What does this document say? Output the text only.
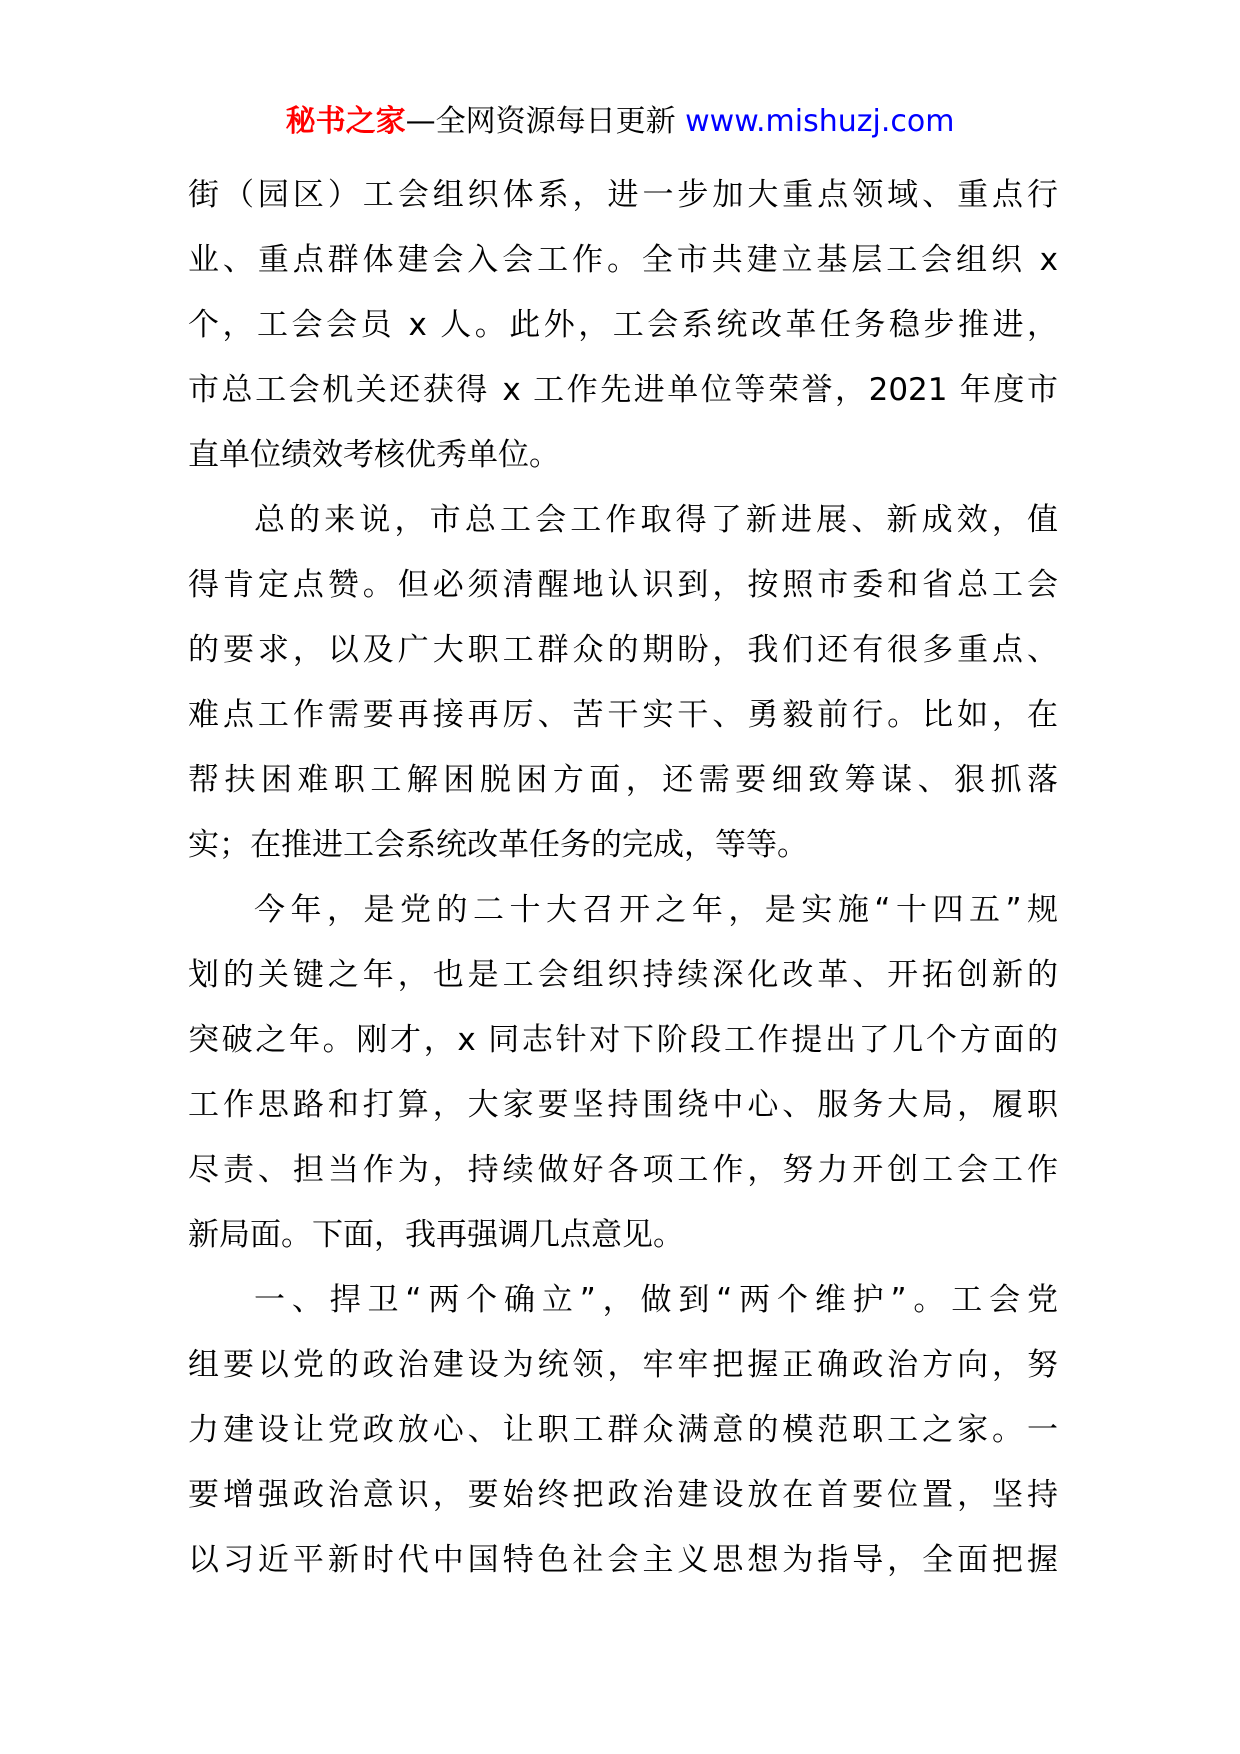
秘书之家—全网资源每日更新 www.mishuzj.com
街（园区）工会组织体系，进一步加大重点领域、重点行
业、重点群体建会入会工作。全市共建立基层工会组织 x
个，工会会员 x 人。此外，工会系统改革任务稳步推进，
市总工会机关还获得 x 工作先进单位等荣誉，2021 年度市
直单位绩效考核优秀单位。
总的来说，市总工会工作取得了新进展、新成效，值
得肯定点赞。但必须清醒地认识到，按照市委和省总工会
的要求，以及广大职工群众的期盼，我们还有很多重点、
难点工作需要再接再厉、苦干实干、勇毅前行。比如，在
帮扶困难职工解困脱困方面，还需要细致筹谋、狠抓落
实；在推进工会系统改革任务的完成，等等。
今年，是党的二十大召开之年，是实施“十四五”规
划的关键之年，也是工会组织持续深化改革、开拓创新的
突破之年。刚才，x 同志针对下阶段工作提出了几个方面的
工作思路和打算，大家要坚持围绕中心、服务大局，履职
尽责、担当作为，持续做好各项工作，努力开创工会工作
新局面。下面，我再强调几点意见。
一、捍卫“两个确立”，做到“两个维护”。工会党
组要以党的政治建设为统领，牢牢把握正确政治方向，努
力建设让党政放心、让职工群众满意的模范职工之家。一
要增强政治意识，要始终把政治建设放在首要位置，坚持
以习近平新时代中国特色社会主义思想为指导，全面把握
